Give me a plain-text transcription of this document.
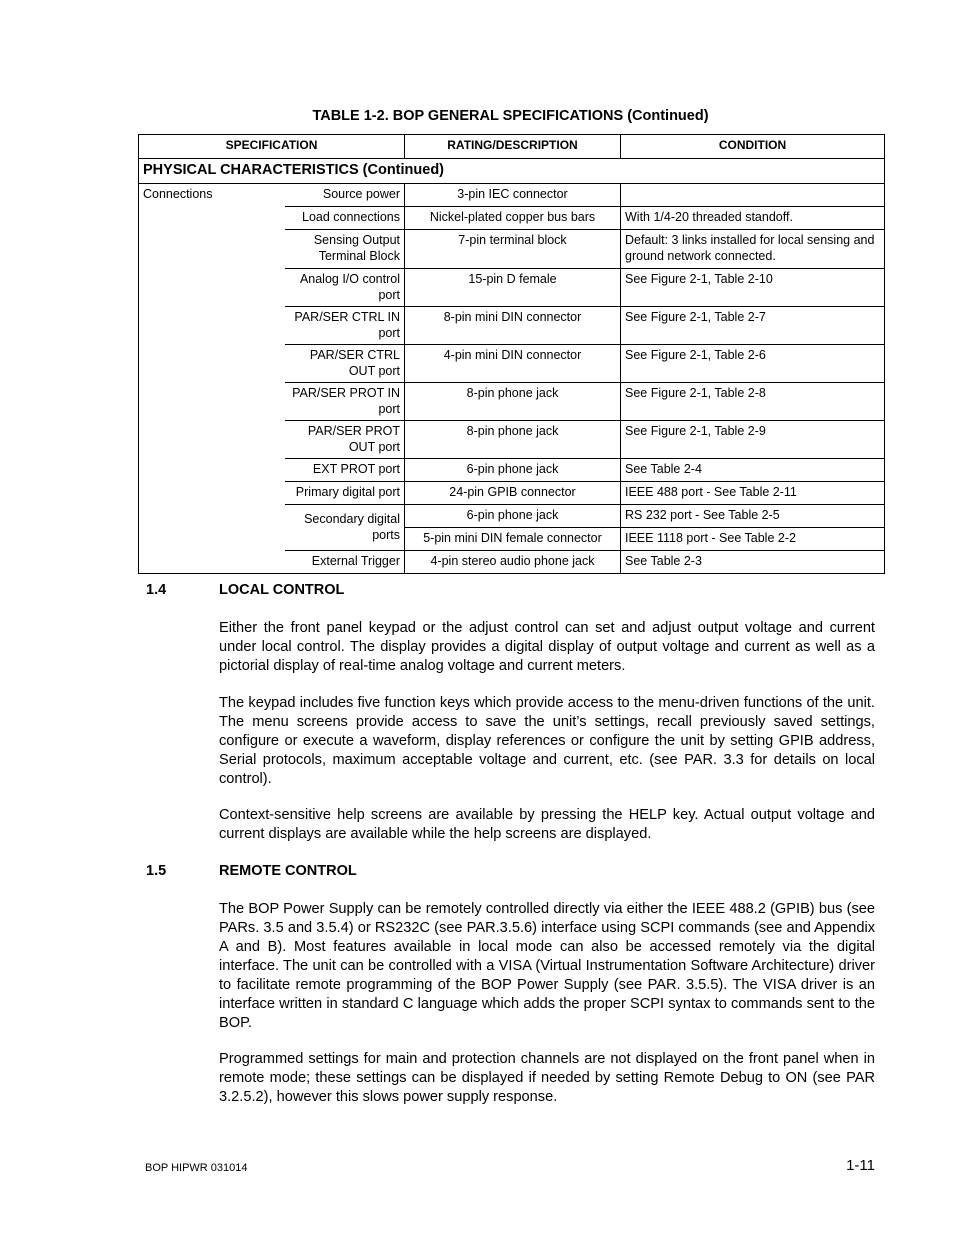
TABLE 1-2. BOP GENERAL SPECIFICATIONS (Continued)
SPECIFICATION		RATING/DESCRIPTION	CONDITION
PHYSICAL CHARACTERISTICS (Continued)			
Connections	Source power	3-pin IEC connector	
	Load connections	Nickel-plated copper bus bars	With 1/4-20 threaded standoff.
	Sensing Output Terminal Block	7-pin terminal block	Default: 3 links installed for local sensing and ground network connected.
	Analog I/O control port	15-pin D female	See Figure 2-1, Table 2-10
	PAR/SER CTRL IN port	8-pin mini DIN connector	See Figure 2-1, Table 2-7
	PAR/SER CTRL OUT port	4-pin mini DIN connector	See Figure 2-1, Table 2-6
	PAR/SER PROT IN port	8-pin phone jack	See Figure 2-1, Table 2-8
	PAR/SER PROT OUT port	8-pin phone jack	See Figure 2-1, Table 2-9
	EXT PROT port	6-pin phone jack	See Table 2-4
	Primary digital port	24-pin GPIB connector	IEEE 488 port - See Table 2-11
	Secondary digital ports	6-pin phone jack	RS 232 port - See Table 2-5
		5-pin mini DIN female connector	IEEE 1118 port - See Table 2-2
	External Trigger	4-pin stereo audio phone jack	See Table 2-3
1.4	LOCAL CONTROL

Either the front panel keypad or the adjust control can set and adjust output voltage and current under local control. The display provides a digital display of output voltage and current as well as a pictorial display of real-time analog voltage and current meters.

The keypad includes five function keys which provide access to the menu-driven functions of the unit. The menu screens provide access to save the unit’s settings, recall previously saved settings, configure or execute a waveform, display references or configure the unit by setting GPIB address, Serial protocols, maximum acceptable voltage and current, etc. (see PAR. 3.3 for details on local control).

Context-sensitive help screens are available by pressing the HELP key. Actual output voltage and current displays are available while the help screens are displayed.

1.5	REMOTE CONTROL

The BOP Power Supply can be remotely controlled directly via either the IEEE 488.2 (GPIB) bus (see PARs. 3.5 and 3.5.4) or RS232C (see PAR.3.5.6) interface using SCPI commands (see and Appendix A and B). Most features available in local mode can also be accessed remotely via the digital interface. The unit can be controlled with a VISA (Virtual Instrumentation Software Architecture) driver to facilitate remote programming of the BOP Power Supply (see PAR. 3.5.5). The VISA driver is an interface written in standard C language which adds the proper SCPI syntax to commands sent to the BOP.

Programmed settings for main and protection channels are not displayed on the front panel when in remote mode; these settings can be displayed if needed by setting Remote Debug to ON (see PAR 3.2.5.2), however this slows power supply response.

BOP HIPWR 031014	1-11
